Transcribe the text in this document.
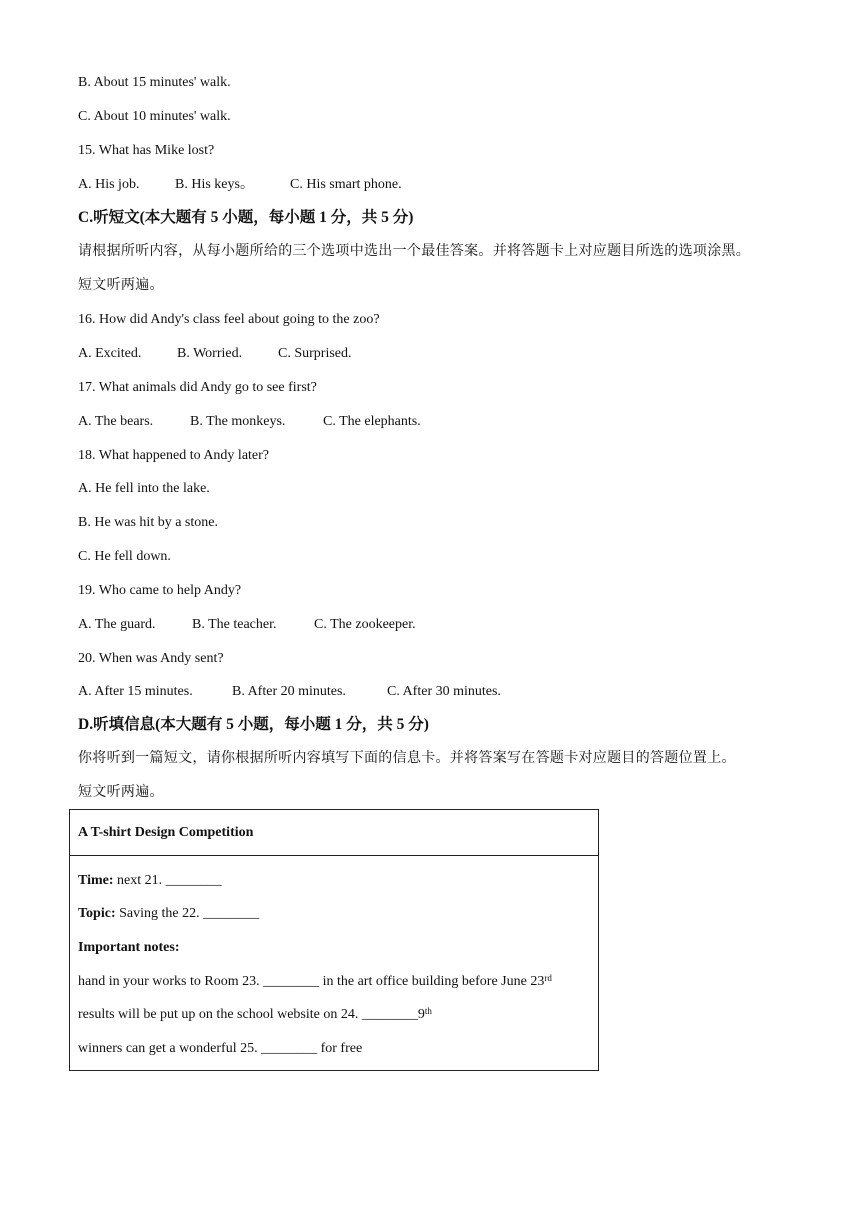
B. About 15 minutes' walk.
C. About 10 minutes' walk.
15. What has Mike lost?
A. His job.	B. His keys。	C. His smart phone.
C.听短文(本大题有 5 小题，每小题 1 分，共 5 分)
请根据所听内容，从每小题所给的三个选项中选出一个最佳答案。并将答题卡上对应题目所选的选项涂黑。
短文听两遍。
16. How did Andy's class feel about going to the zoo?
A. Excited.	B. Worried.	C. Surprised.
17. What animals did Andy go to see first?
A. The bears.	B. The monkeys.	C. The elephants.
18. What happened to Andy later?
A. He fell into the lake.
B. He was hit by a stone.
C. He fell down.
19. Who came to help Andy?
A. The guard.	B. The teacher.	C. The zookeeper.
20. When was Andy sent?
A. After 15 minutes.	B. After 20 minutes.	C. After 30 minutes.
D.听填信息(本大题有 5 小题，每小题 1 分，共 5 分)
你将听到一篇短文，请你根据所听内容填写下面的信息卡。并将答案写在答题卡对应题目的答题位置上。
短文听两遍。
A T-shirt Design Competition
Time: next 21. ________
Topic: Saving the 22. ________
Important notes:
hand in your works to Room 23. ________ in the art office building before June 23rd
results will be put up on the school website on 24. ________9th
winners can get a wonderful 25. ________ for free
